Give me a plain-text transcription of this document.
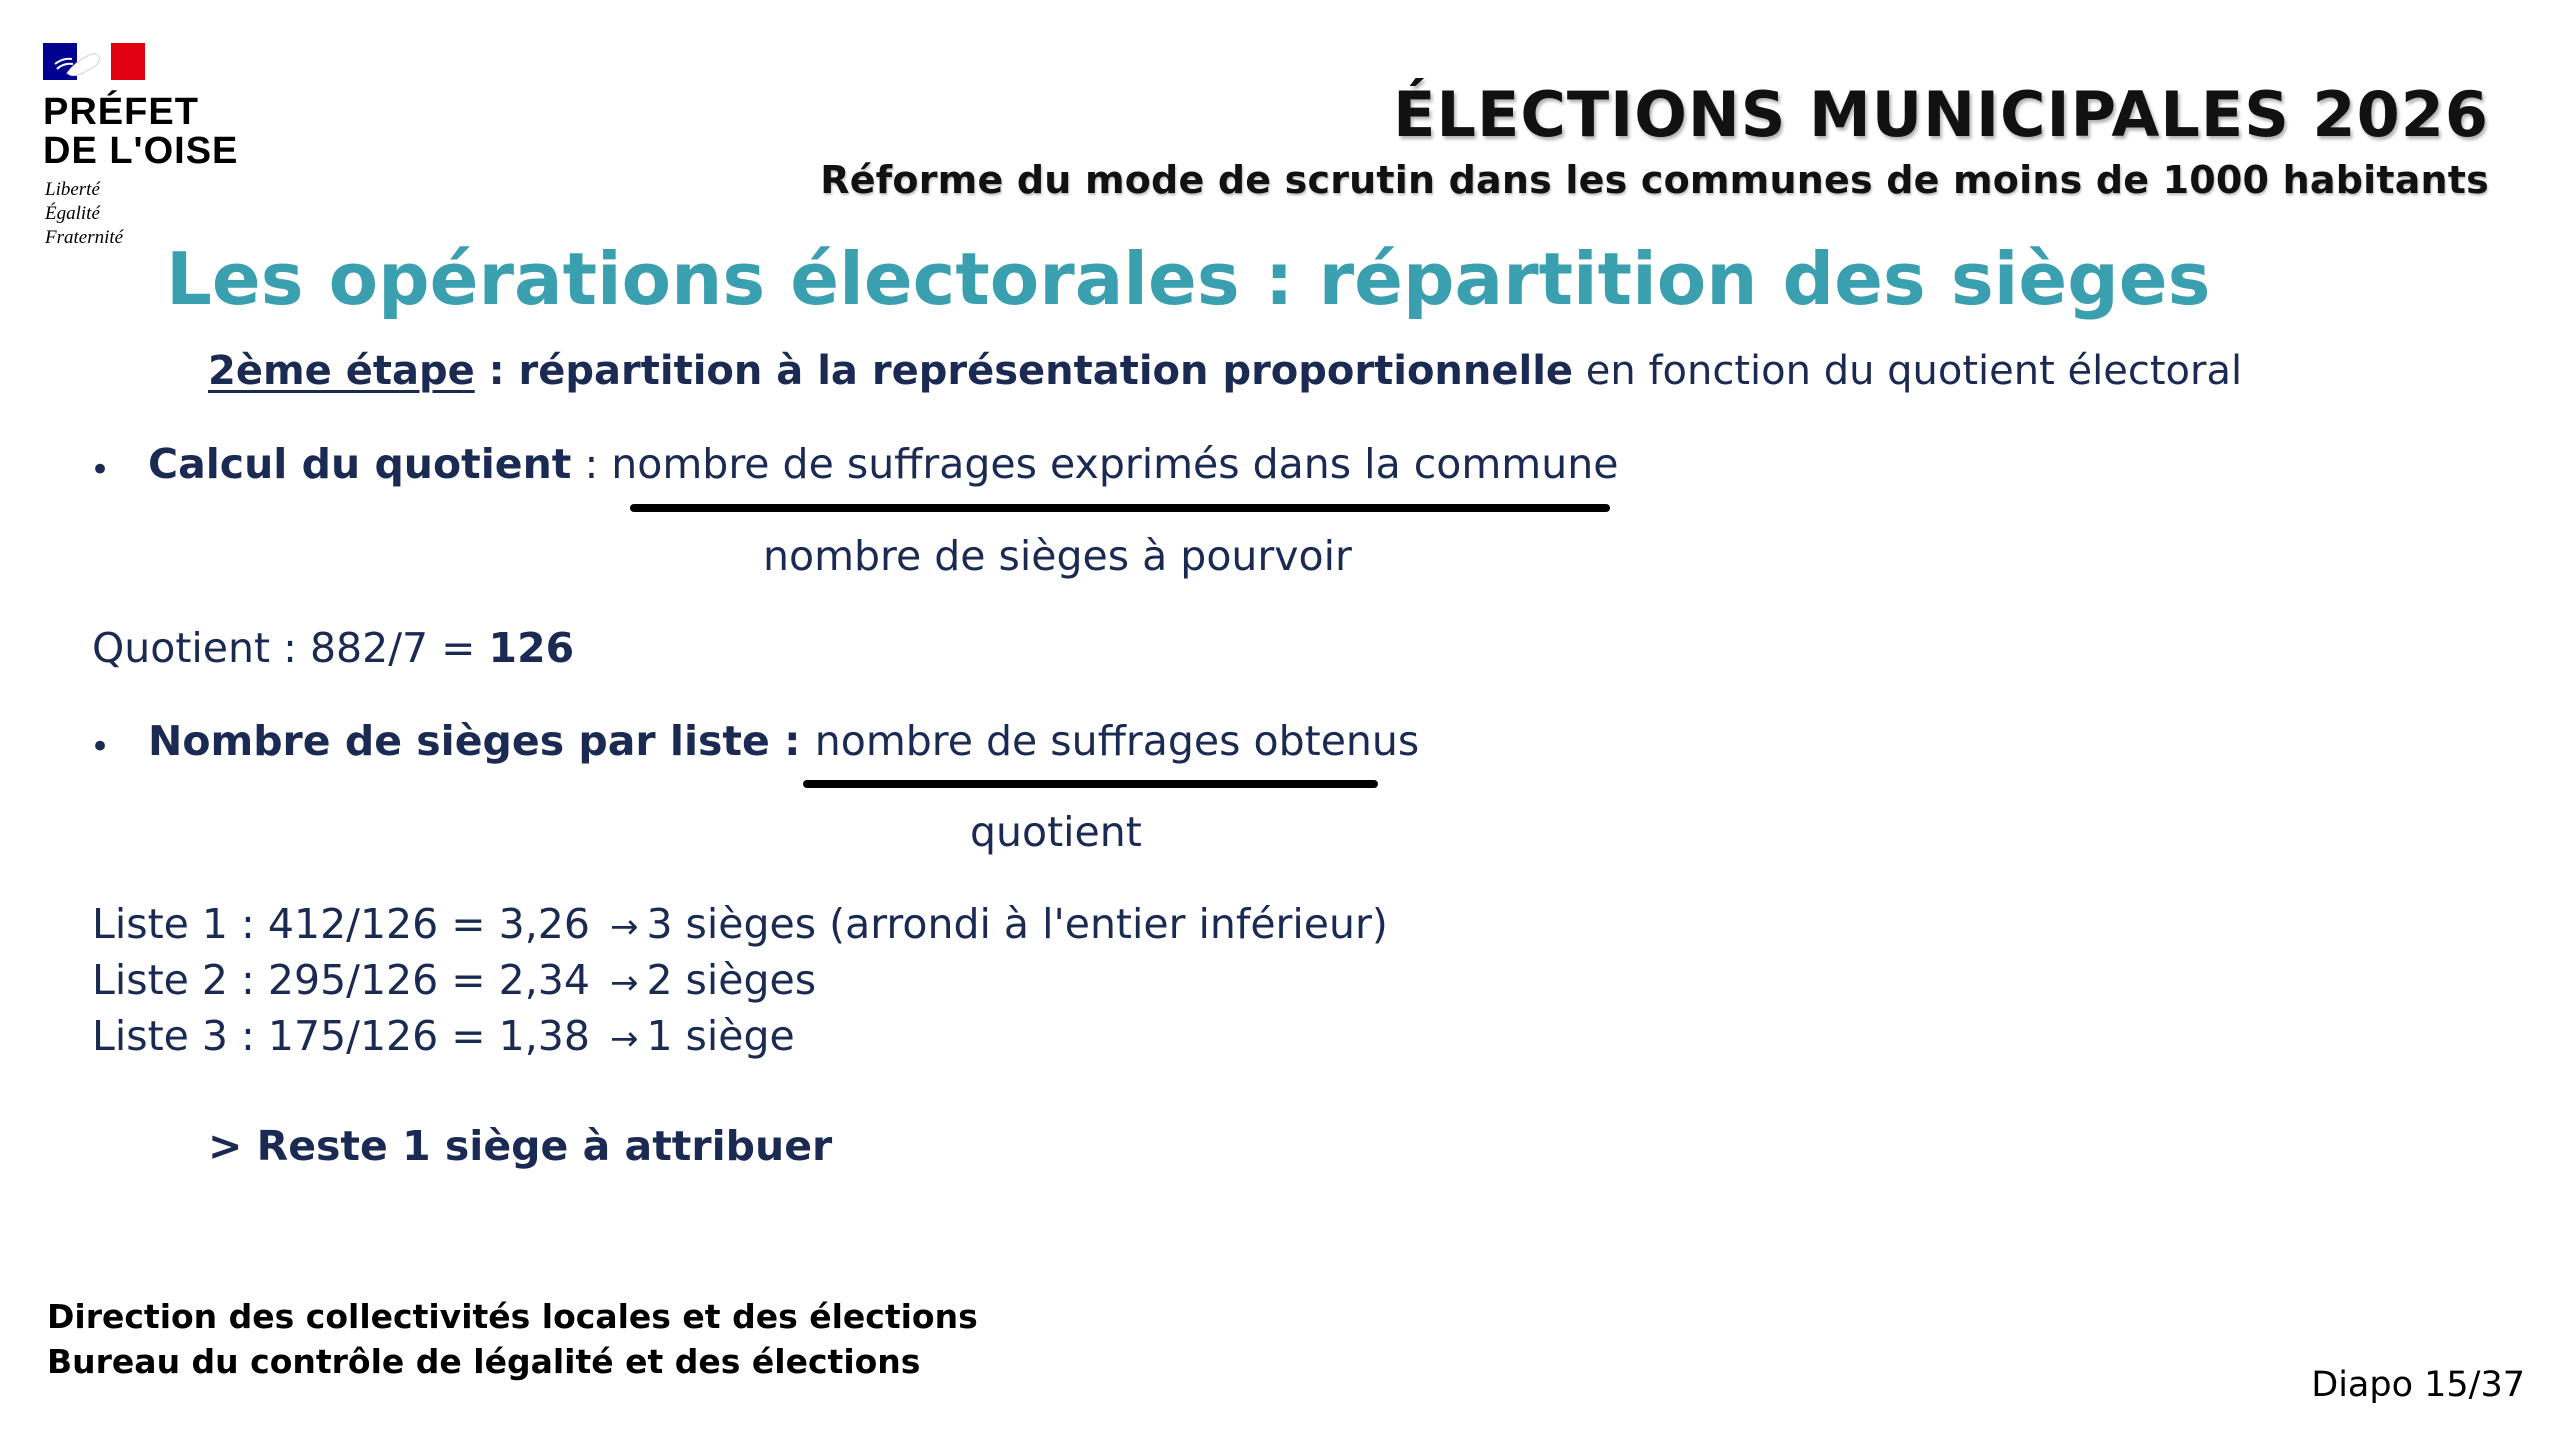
PRÉFET
DE L'OISE
Liberté
Égalité
Fraternité
ÉLECTIONS MUNICIPALES 2026
Réforme du mode de scrutin dans les communes de moins de 1000 habitants
Les opérations électorales : répartition des sièges
2ème étape : répartition à la représentation proportionnelle en fonction du quotient électoral
• Calcul du quotient : nombre de suffrages exprimés dans la commune
nombre de sièges à pourvoir
Quotient : 882/7 = 126
• Nombre de sièges par liste : nombre de suffrages obtenus
quotient
Liste 1 : 412/126 = 3,26 → 3 sièges (arrondi à l'entier inférieur)
Liste 2 : 295/126 = 2,34 → 2 sièges
Liste 3 : 175/126 = 1,38 → 1 siège
> Reste 1 siège à attribuer
Direction des collectivités locales et des élections
Bureau du contrôle de légalité et des élections
Diapo 15/37
